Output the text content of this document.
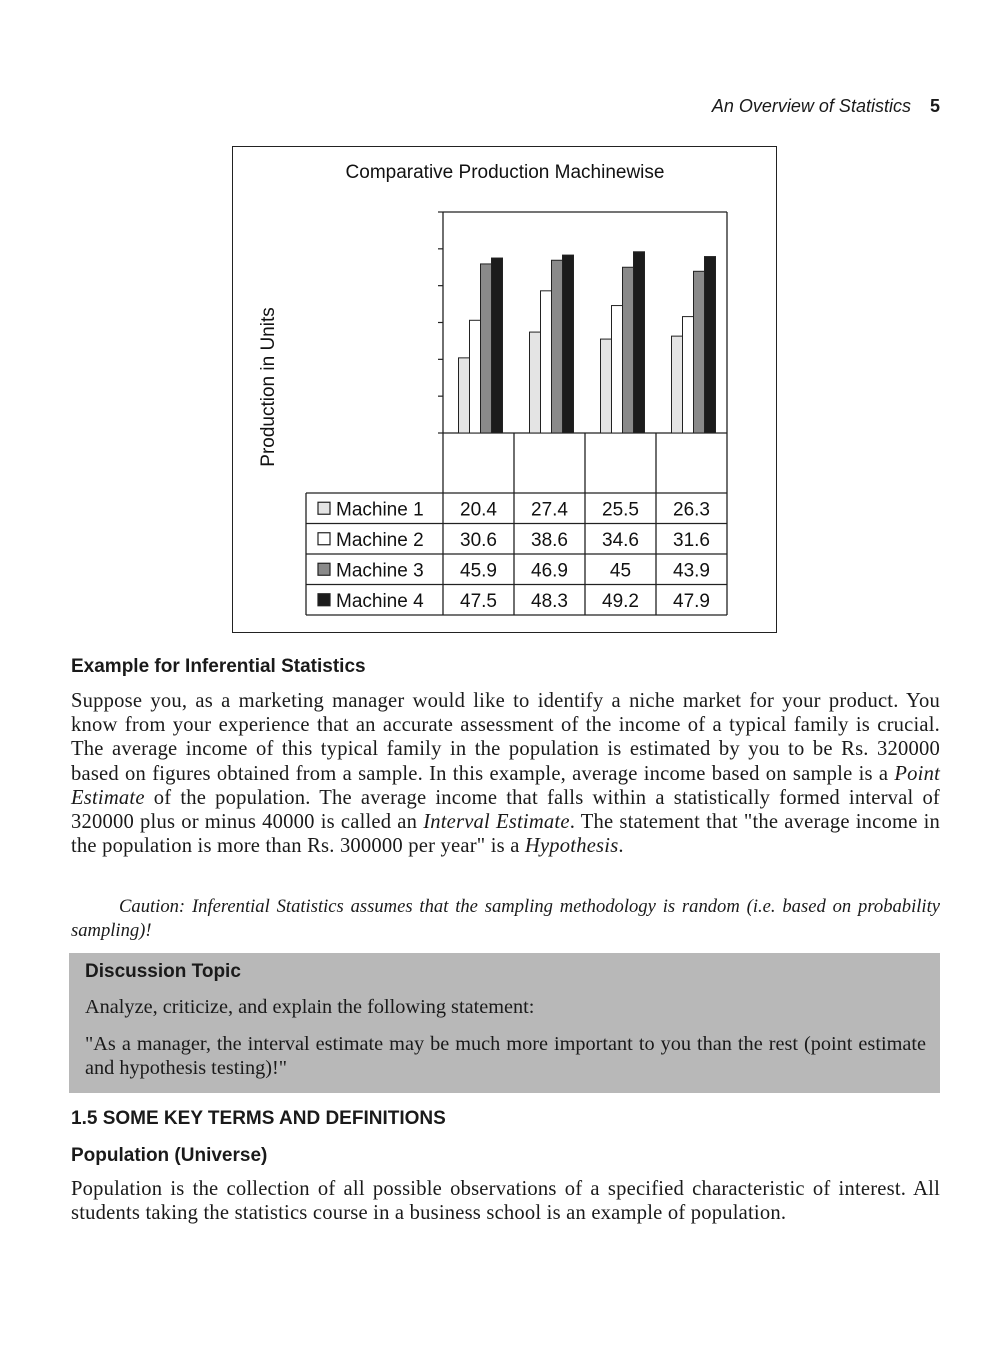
An Overview of Statistics 5
Comparative Production Machinewise
Production in Units
Machine 1 20.4 27.4 25.5 26.3
Machine 2 30.6 38.6 34.6 31.6
Machine 3 45.9 46.9 45 43.9
Machine 4 47.5 48.3 49.2 47.9
Example for Inferential Statistics
Suppose you, as a marketing manager would like to identify a niche market for your product. You know from your experience that an accurate assessment of the income of a typical family is crucial. The average income of this typical family in the population is estimated by you to be Rs. 320000 based on figures obtained from a sample. In this example, average income based on sample is a Point Estimate of the population. The average income that falls within a statistically formed interval of 320000 plus or minus 40000 is called an Interval Estimate. The statement that "the average income in the population is more than Rs. 300000 per year" is a Hypothesis.
Caution: Inferential Statistics assumes that the sampling methodology is random (i.e. based on probability sampling)!
Discussion Topic
Analyze, criticize, and explain the following statement:
"As a manager, the interval estimate may be much more important to you than the rest (point estimate and hypothesis testing)!"
1.5 SOME KEY TERMS AND DEFINITIONS
Population (Universe)
Population is the collection of all possible observations of a specified characteristic of interest. All students taking the statistics course in a business school is an example of population.
